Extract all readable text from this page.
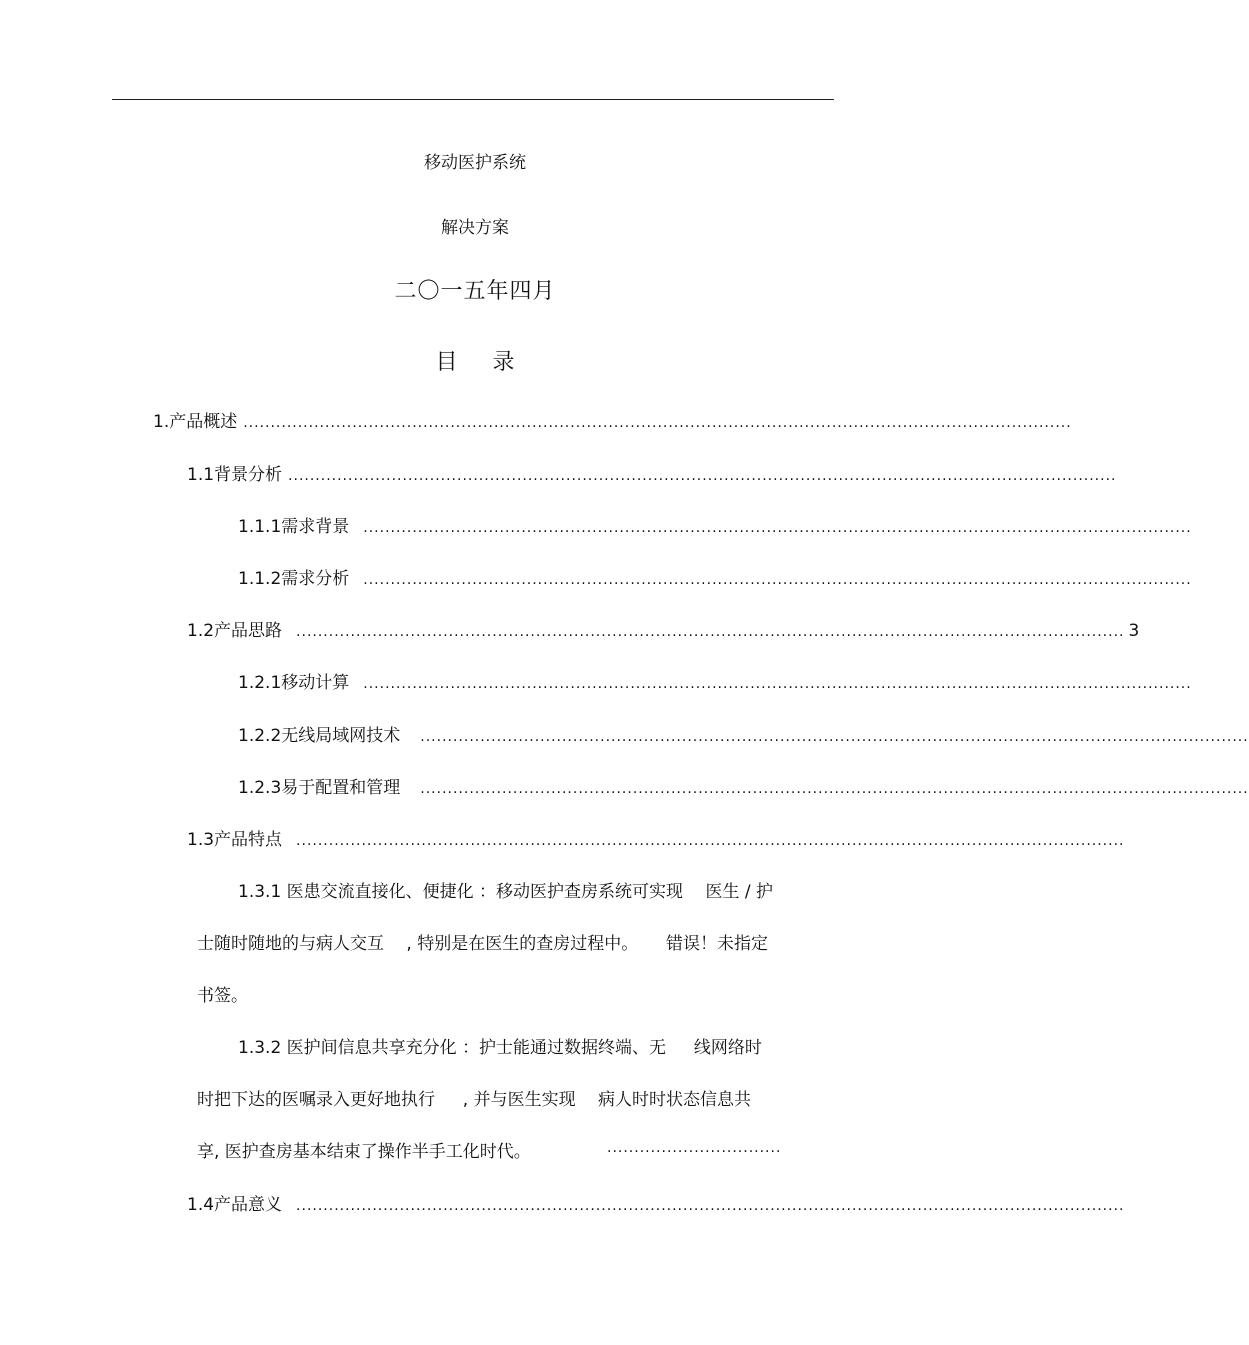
移动医护系统
解决方案
二〇一五年四月
目 录
1. 产品概述 ........................................................................................................................................................
1.1 背景分析 ........................................................................................................................................................
1.1.1 需求背景 ........................................................................................................................................................
1.1.2 需求分析 ........................................................................................................................................................
1.2 产品思路 ........................................................................................................................................................ 3
1.2.1 移动计算 ........................................................................................................................................................
1.2.2 无线局域网技术 ........................................................................................................................................................
1.2.3 易于配置和管理 ........................................................................................................................................................
1.3 产品特点 ........................................................................................................................................................
1.3.1 医患交流直接化、便捷化 ：移动医护查房系统可实现 　医生 / 护
士随时随地的与病人交互 　, 特别是在医生的查房过程中。 　 错误！未指定
书签。
1.3.2 医护间信息共享充分化 ：护士能通过数据终端、无 　 线网络时
时把下达的医嘱录入更好地执行 　 , 并与医生实现 　病人时时状态信息共
享, 医护查房基本结束了操作半手工化时代。	................................
1.4 产品意义 ........................................................................................................................................................
